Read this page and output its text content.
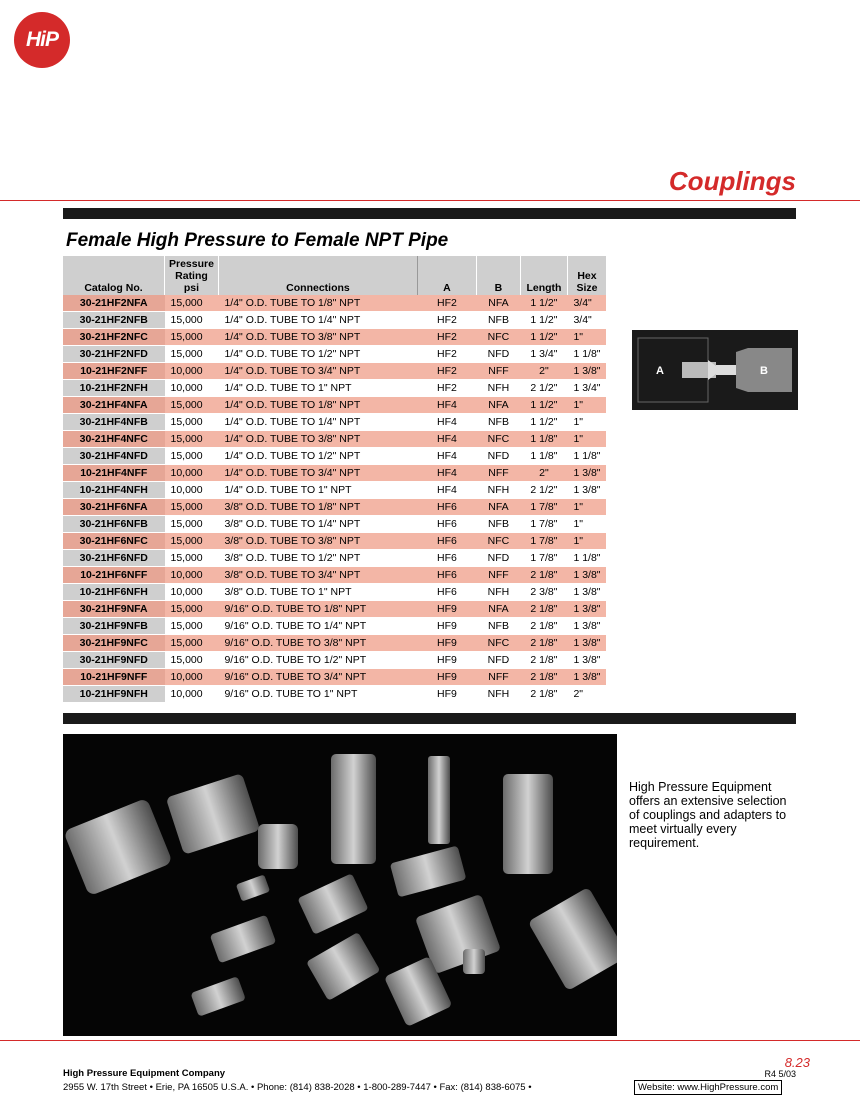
HiP
Couplings
Female High Pressure to Female NPT Pipe
Catalog No.	Pressure Rating psi	Connections	A	B	Length	Hex Size
30-21HF2NFA	15,000	1/4" O.D. TUBE TO 1/8" NPT	HF2	NFA	1 1/2"	3/4"
30-21HF2NFB	15,000	1/4" O.D. TUBE TO 1/4" NPT	HF2	NFB	1 1/2"	3/4"
30-21HF2NFC	15,000	1/4" O.D. TUBE TO 3/8" NPT	HF2	NFC	1 1/2"	1"
30-21HF2NFD	15,000	1/4" O.D. TUBE TO 1/2" NPT	HF2	NFD	1 3/4"	1 1/8"
10-21HF2NFF	10,000	1/4" O.D. TUBE TO 3/4" NPT	HF2	NFF	2"	1 3/8"
10-21HF2NFH	10,000	1/4" O.D. TUBE TO 1" NPT	HF2	NFH	2 1/2"	1 3/4"
30-21HF4NFA	15,000	1/4" O.D. TUBE TO 1/8" NPT	HF4	NFA	1 1/2"	1"
30-21HF4NFB	15,000	1/4" O.D. TUBE TO 1/4" NPT	HF4	NFB	1 1/2"	1"
30-21HF4NFC	15,000	1/4" O.D. TUBE TO 3/8" NPT	HF4	NFC	1 1/8"	1"
30-21HF4NFD	15,000	1/4" O.D. TUBE TO 1/2" NPT	HF4	NFD	1 1/8"	1 1/8"
10-21HF4NFF	10,000	1/4" O.D. TUBE TO 3/4" NPT	HF4	NFF	2"	1 3/8"
10-21HF4NFH	10,000	1/4" O.D. TUBE TO 1" NPT	HF4	NFH	2 1/2"	1 3/8"
30-21HF6NFA	15,000	3/8" O.D. TUBE TO 1/8" NPT	HF6	NFA	1 7/8"	1"
30-21HF6NFB	15,000	3/8" O.D. TUBE TO 1/4" NPT	HF6	NFB	1 7/8"	1"
30-21HF6NFC	15,000	3/8" O.D. TUBE TO 3/8" NPT	HF6	NFC	1 7/8"	1"
30-21HF6NFD	15,000	3/8" O.D. TUBE TO 1/2" NPT	HF6	NFD	1 7/8"	1 1/8"
10-21HF6NFF	10,000	3/8" O.D. TUBE TO 3/4" NPT	HF6	NFF	2 1/8"	1 3/8"
10-21HF6NFH	10,000	3/8" O.D. TUBE TO 1" NPT	HF6	NFH	2 3/8"	1 3/8"
30-21HF9NFA	15,000	9/16" O.D. TUBE TO 1/8" NPT	HF9	NFA	2 1/8"	1 3/8"
30-21HF9NFB	15,000	9/16" O.D. TUBE TO 1/4" NPT	HF9	NFB	2 1/8"	1 3/8"
30-21HF9NFC	15,000	9/16" O.D. TUBE TO 3/8" NPT	HF9	NFC	2 1/8"	1 3/8"
30-21HF9NFD	15,000	9/16" O.D. TUBE TO 1/2" NPT	HF9	NFD	2 1/8"	1 3/8"
10-21HF9NFF	10,000	9/16" O.D. TUBE TO 3/4" NPT	HF9	NFF	2 1/8"	1 3/8"
10-21HF9NFH	10,000	9/16" O.D. TUBE TO 1" NPT	HF9	NFH	2 1/8"	2"
A	B
High Pressure Equipment offers an extensive selection of couplings and adapters to meet virtually every requirement.
8.23
R4 5/03
High Pressure Equipment Company
2955 W. 17th Street • Erie, PA 16505 U.S.A. • Phone: (814) 838-2028 • 1-800-289-7447 • Fax: (814) 838-6075 •	Website: www.HighPressure.com
